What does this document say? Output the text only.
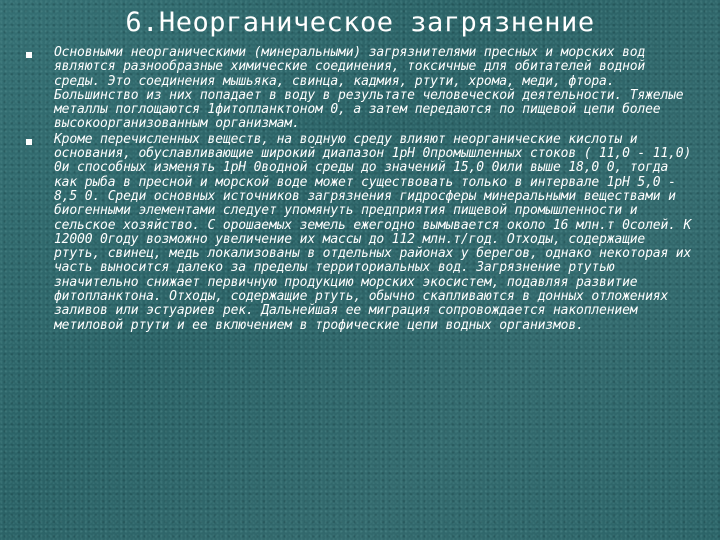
6.Неорганическое загрязнение
Основными неорганическими (минеральными) загрязнителями пресных и морских вод являются разнообразные химические соединения, токсичные для обитателей водной среды. Это соединения мышьяка, свинца, кадмия, ртути, хрома, меди, фтора. Большинство из них попадает в воду в результате человеческой деятельности. Тяжелые металлы поглощаются 1фитопланктоном 0, а затем передаются по пищевой цепи более высокоорганизованным организмам.
Кроме перечисленных веществ, на водную среду влияют неорганические кислоты и основания, обуславливающие широкий диапазон 1рН 0промышленных стоков ( 11,0 - 11,0) 0и способных изменять 1рН 0водной среды до значений 15,0 0или выше 18,0 0, тогда как рыба в пресной и морской воде может существовать только в интервале 1рН 5,0 - 8,5 0. Среди основных источников загрязнения гидросферы минеральными веществами и биогенными элементами следует упомянуть предприятия пищевой промышленности и сельское хозяйство. С орошаемых земель ежегодно вымывается около 16 млн.т 0солей. К 12000 0году возможно увеличение их массы до 112 млн.т/год. Отходы, содержащие ртуть, свинец, медь локализованы в отдельных районах у берегов, однако некоторая их часть выносится далеко за пределы территориальных вод. Загрязнение ртутью значительно снижает первичную продукцию морских экосистем, подавляя развитие фитопланктона. Отходы, содержащие ртуть, обычно скапливаются в донных отложениях заливов или эстуариев рек. Дальнейшая ее миграция сопровождается накоплением метиловой ртути и ее включением в трофические цепи водных организмов.
